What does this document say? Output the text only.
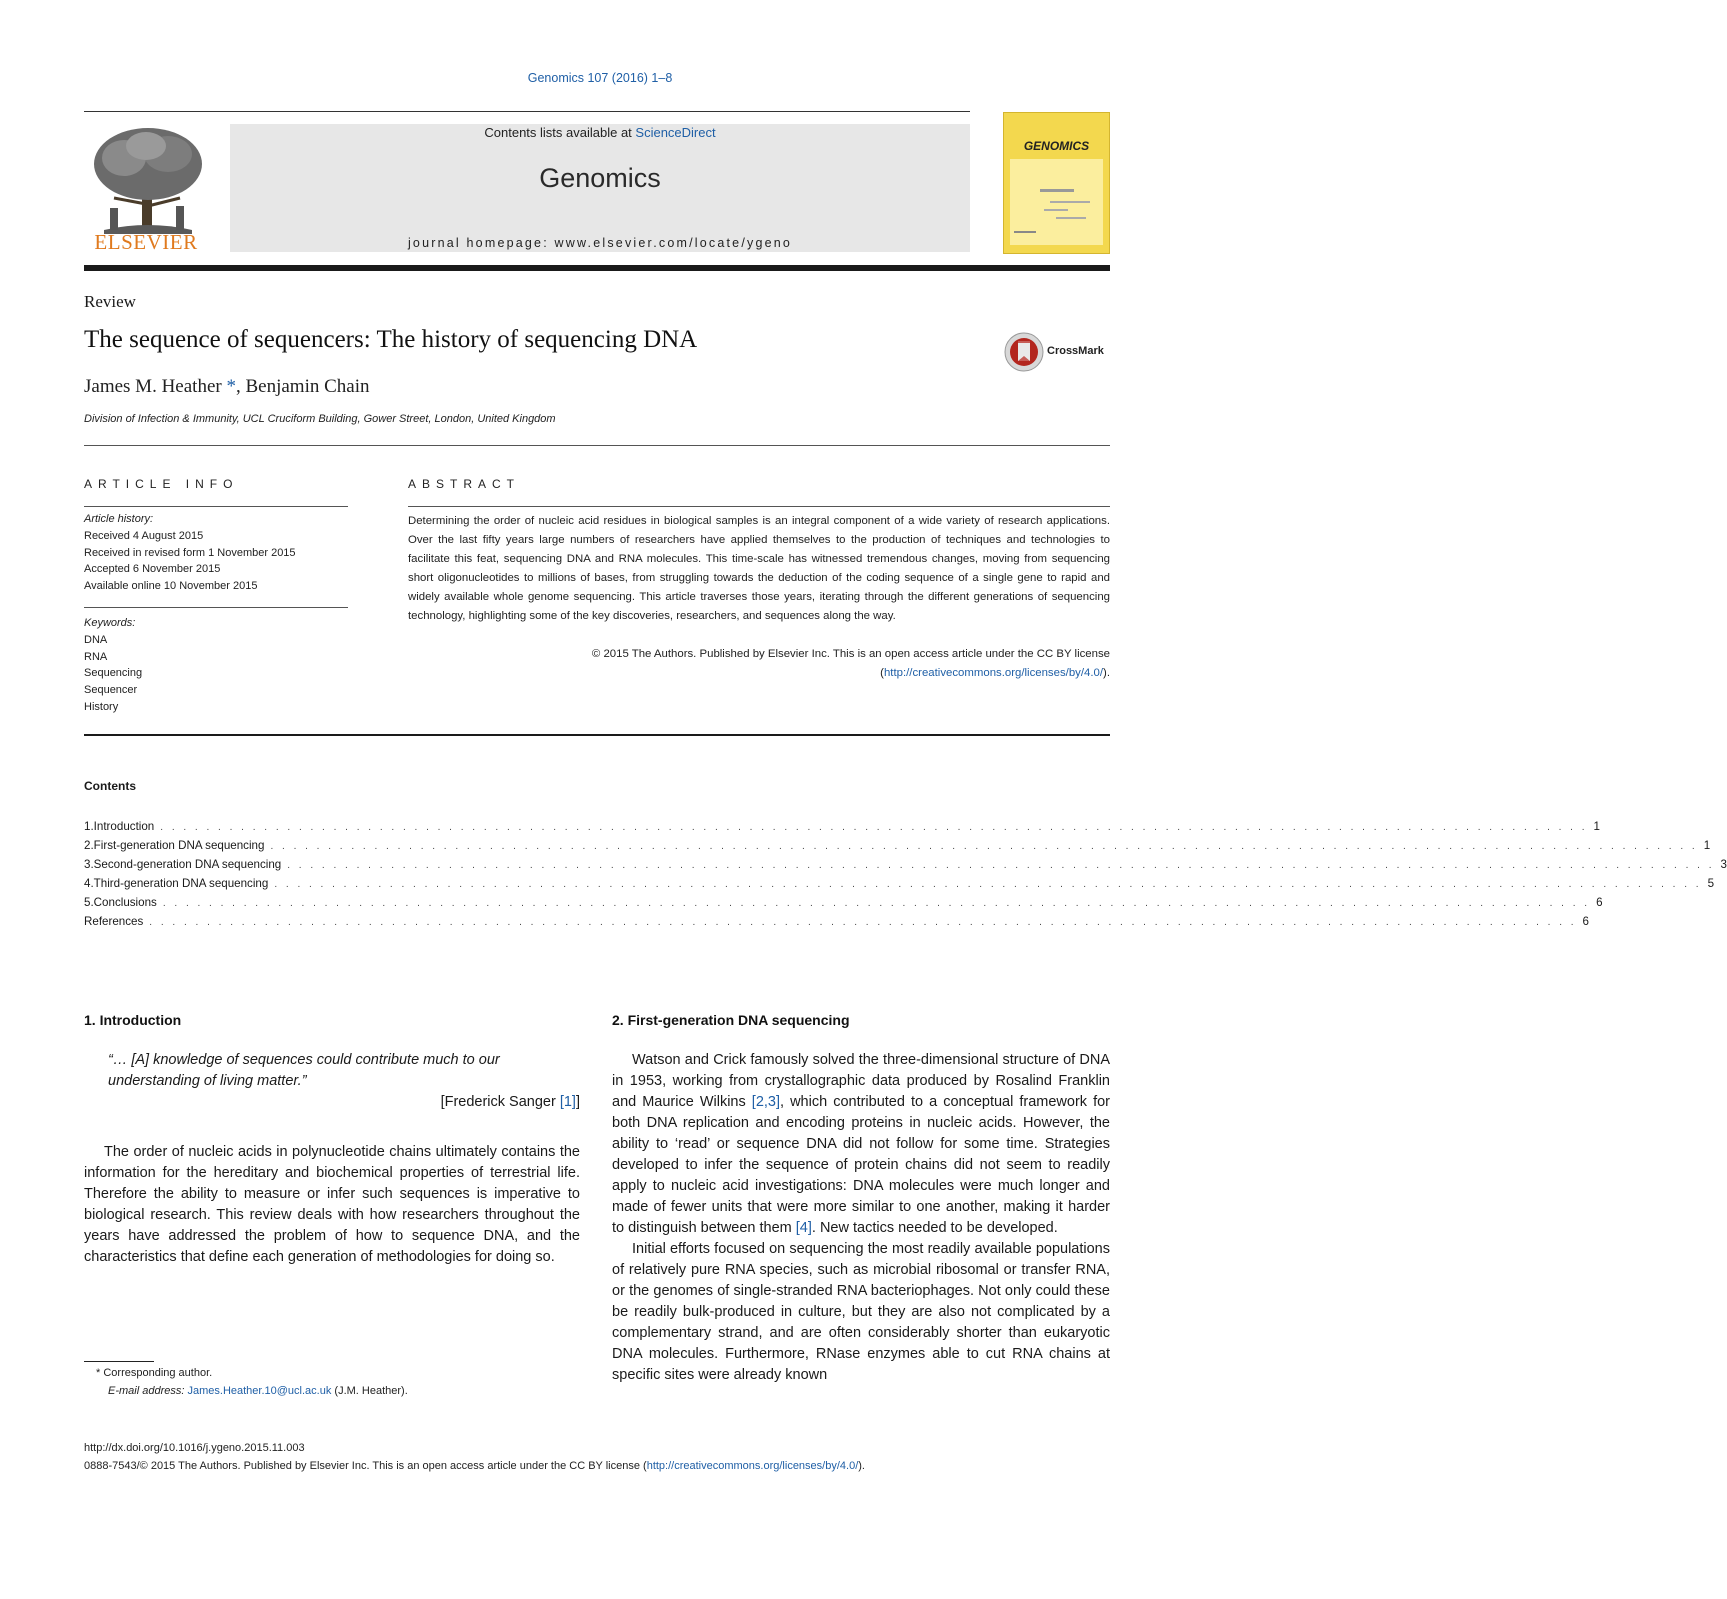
Genomics 107 (2016) 1–8
ELSEVIER
Contents lists available at ScienceDirect
Genomics
journal homepage: www.elsevier.com/locate/ygeno
GENOMICS
Review
The sequence of sequencers: The history of sequencing DNA
James M. Heather *, Benjamin Chain
Division of Infection & Immunity, UCL Cruciform Building, Gower Street, London, United Kingdom
CrossMark
ARTICLE INFO
Article history:
Received 4 August 2015
Received in revised form 1 November 2015
Accepted 6 November 2015
Available online 10 November 2015
Keywords:
DNA
RNA
Sequencing
Sequencer
History
ABSTRACT
Determining the order of nucleic acid residues in biological samples is an integral component of a wide variety of research applications. Over the last fifty years large numbers of researchers have applied themselves to the production of techniques and technologies to facilitate this feat, sequencing DNA and RNA molecules. This time-scale has witnessed tremendous changes, moving from sequencing short oligonucleotides to millions of bases, from struggling towards the deduction of the coding sequence of a single gene to rapid and widely available whole genome sequencing. This article traverses those years, iterating through the different generations of sequencing technology, highlighting some of the key discoveries, researchers, and sequences along the way.
© 2015 The Authors. Published by Elsevier Inc. This is an open access article under the CC BY license
(http://creativecommons.org/licenses/by/4.0/).
Contents
1. Introduction . . . . . . . . . . . . . . . . . . . . . . . . . . . . . . . . . . . . . . . . . . . . . . . . . . . . . . . . . . . . . . . . . . . . . . . . . . . . . . . . . . . . . . . . . . . . . . . . . . . . . . . . . . . . . . . . . . . . . . . . . . . . 1
2. First-generation DNA sequencing . . . . . . . . . . . . . . . . . . . . . . . . . . . . . . . . . . . . . . . . . . . . . . . . . . . . . . . . . . . . . . . . . . . . . . . . . . . . . . . . . . . . . . . . . . . . . . . . . . . . . . . . . . . . . . . . . . . . . . . . . . . . 1
3. Second-generation DNA sequencing . . . . . . . . . . . . . . . . . . . . . . . . . . . . . . . . . . . . . . . . . . . . . . . . . . . . . . . . . . . . . . . . . . . . . . . . . . . . . . . . . . . . . . . . . . . . . . . . . . . . . . . . . . . . . . . . . . . . . . . . . . . . 3
4. Third-generation DNA sequencing . . . . . . . . . . . . . . . . . . . . . . . . . . . . . . . . . . . . . . . . . . . . . . . . . . . . . . . . . . . . . . . . . . . . . . . . . . . . . . . . . . . . . . . . . . . . . . . . . . . . . . . . . . . . . . . . . . . . . . . . . . . . 5
5. Conclusions . . . . . . . . . . . . . . . . . . . . . . . . . . . . . . . . . . . . . . . . . . . . . . . . . . . . . . . . . . . . . . . . . . . . . . . . . . . . . . . . . . . . . . . . . . . . . . . . . . . . . . . . . . . . . . . . . . . . . . . . . . . . 6
References . . . . . . . . . . . . . . . . . . . . . . . . . . . . . . . . . . . . . . . . . . . . . . . . . . . . . . . . . . . . . . . . . . . . . . . . . . . . . . . . . . . . . . . . . . . . . . . . . . . . . . . . . . . . . . . . . . . . . . . . . . . . 6
1. Introduction
“… [A] knowledge of sequences could contribute much to our understanding of living matter.”
[Frederick Sanger [1]]

The order of nucleic acids in polynucleotide chains ultimately contains the information for the hereditary and biochemical properties of terrestrial life. Therefore the ability to measure or infer such sequences is imperative to biological research. This review deals with how researchers throughout the years have addressed the problem of how to sequence DNA, and the characteristics that define each generation of methodologies for doing so.

2. First-generation DNA sequencing

Watson and Crick famously solved the three-dimensional structure of DNA in 1953, working from crystallographic data produced by Rosalind Franklin and Maurice Wilkins [2,3], which contributed to a conceptual framework for both DNA replication and encoding proteins in nucleic acids. However, the ability to ‘read’ or sequence DNA did not follow for some time. Strategies developed to infer the sequence of protein chains did not seem to readily apply to nucleic acid investigations: DNA molecules were much longer and made of fewer units that were more similar to one another, making it harder to distinguish between them [4]. New tactics needed to be developed.

Initial efforts focused on sequencing the most readily available populations of relatively pure RNA species, such as microbial ribosomal or transfer RNA, or the genomes of single-stranded RNA bacteriophages. Not only could these be readily bulk-produced in culture, but they are also not complicated by a complementary strand, and are often considerably shorter than eukaryotic DNA molecules. Furthermore, RNase enzymes able to cut RNA chains at specific sites were already known

* Corresponding author.
E-mail address: James.Heather.10@ucl.ac.uk (J.M. Heather).
http://dx.doi.org/10.1016/j.ygeno.2015.11.003
0888-7543/© 2015 The Authors. Published by Elsevier Inc. This is an open access article under the CC BY license (http://creativecommons.org/licenses/by/4.0/).
